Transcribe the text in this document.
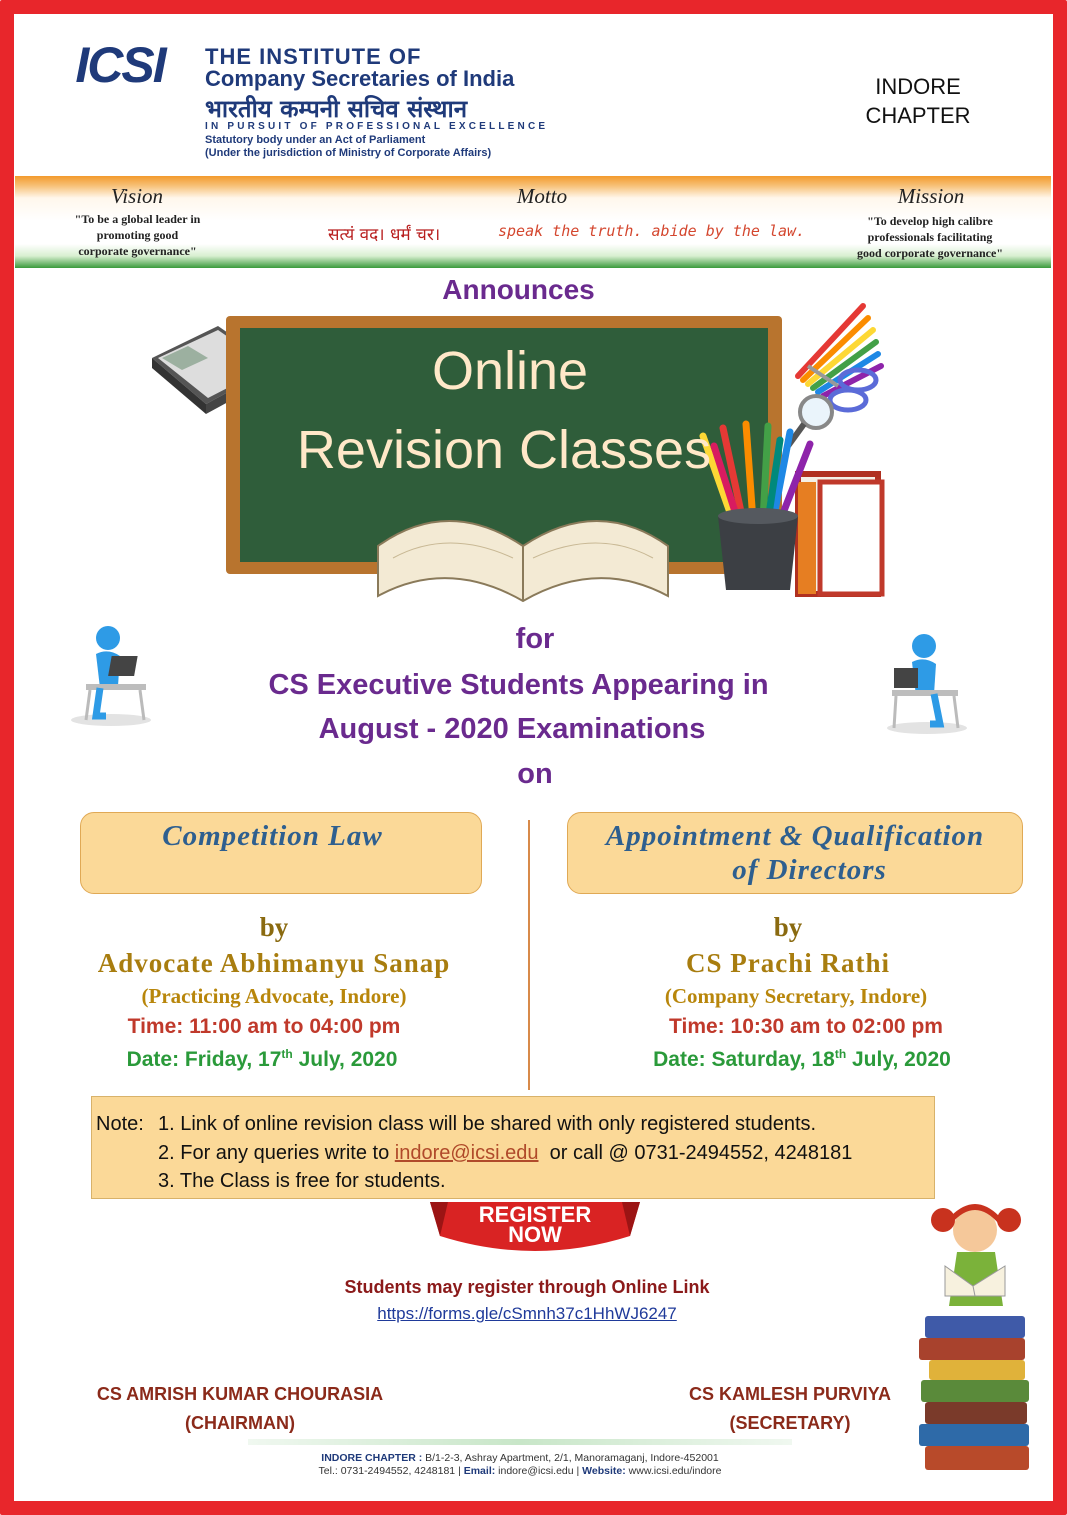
ICSI THE INSTITUTE OF
Company Secretaries of India
भारतीय कम्पनी सचिव संस्थान
IN PURSUIT OF PROFESSIONAL EXCELLENCE
Statutory body under an Act of Parliament
(Under the jurisdiction of Ministry of Corporate Affairs)
INDORE
CHAPTER
Vision
"To be a global leader in
promoting good
corporate governance"
Motto
सत्यं वद। धर्मं चर।	speak the truth. abide by the law.
Mission
"To develop high calibre
professionals facilitating
good corporate governance"
Announces
Online
Revision Classes
for
CS Executive Students Appearing in
August - 2020 Examinations
on
Competition Law	Appointment & Qualification
of Directors
by
Advocate Abhimanyu Sanap
(Practicing Advocate, Indore)
Time: 11:00 am to 04:00 pm
Date: Friday, 17th July, 2020
by
CS Prachi Rathi
(Company Secretary, Indore)
Time: 10:30 am to 02:00 pm
Date: Saturday, 18th July, 2020
Note: 1. Link of online revision class will be shared with only registered students.
2. For any queries write to indore@icsi.edu  or call @ 0731-2494552, 4248181
3. The Class is free for students.
REGISTER
NOW
Students may register through Online Link
https://forms.gle/cSmnh37c1HhWJ6247
CS AMRISH KUMAR CHOURASIA
(CHAIRMAN)
CS KAMLESH PURVIYA
(SECRETARY)
INDORE CHAPTER : B/1-2-3, Ashray Apartment, 2/1, Manoramaganj, Indore-452001
Tel.: 0731-2494552, 4248181 | Email: indore@icsi.edu | Website: www.icsi.edu/indore
